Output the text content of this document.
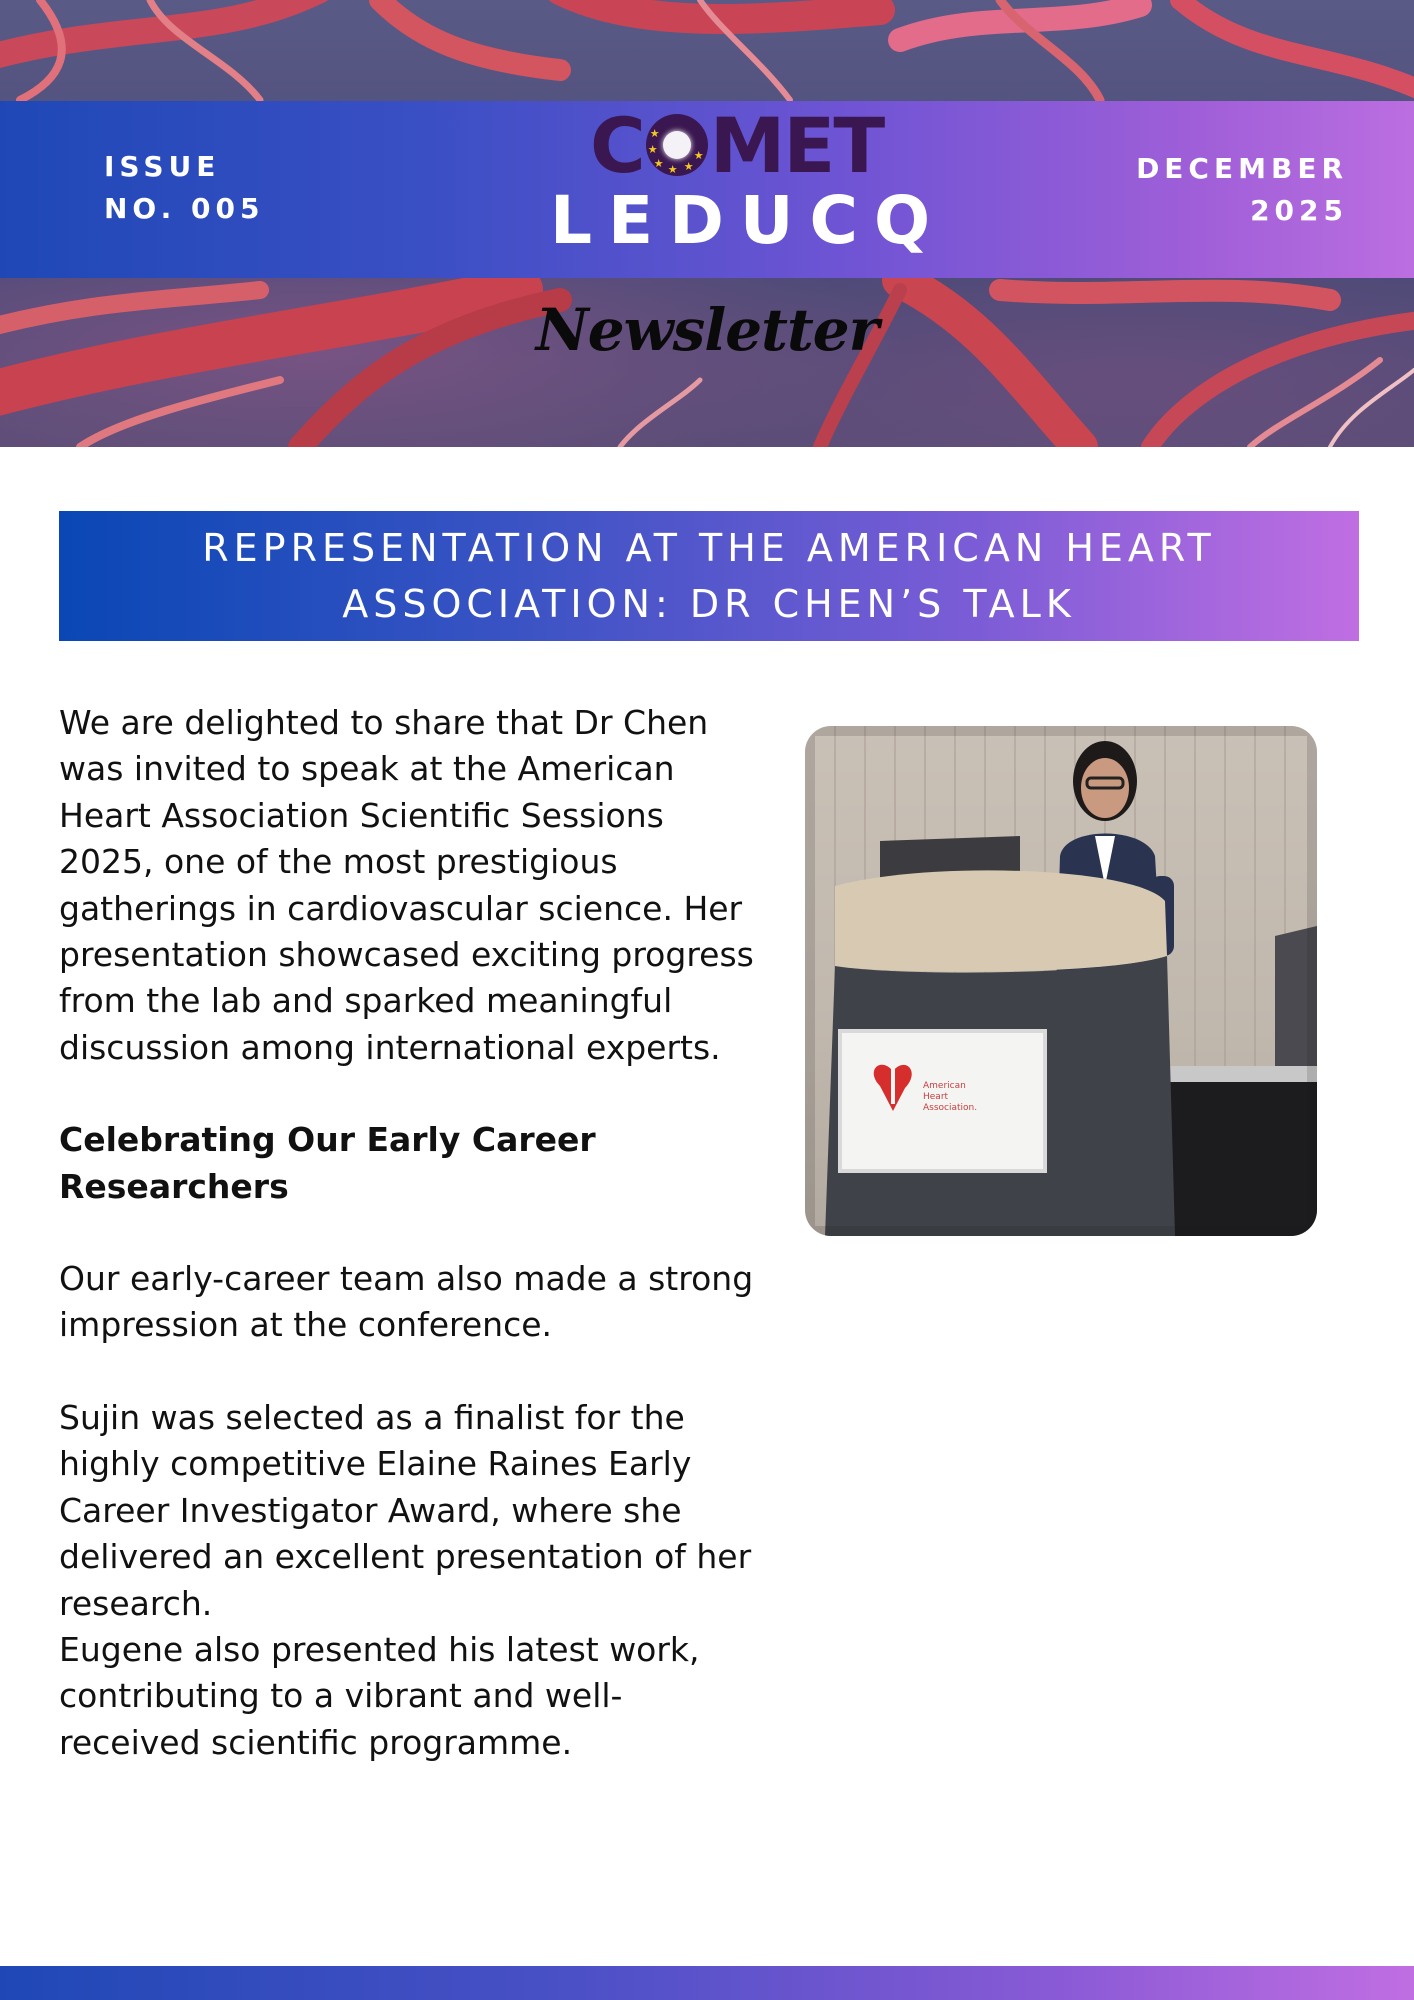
ISSUE
NO. 005
C ★
★
★ ★ ★
★ MET
LEDUCQ
DECEMBER
2025
Newsletter
REPRESENTATION AT THE AMERICAN HEART ASSOCIATION: DR CHEN’S TALK

We are delighted to share that Dr Chen was invited to speak at the American Heart Association Scientific Sessions 2025, one of the most prestigious gatherings in cardiovascular science. Her presentation showcased exciting progress from the lab and sparked meaningful discussion among international experts.

Celebrating Our Early Career Researchers

Our early-career team also made a strong impression at the conference.

Sujin was selected as a finalist for the highly competitive Elaine Raines Early Career Investigator Award, where she delivered an excellent presentation of her research.

Eugene also presented his latest work, contributing to a vibrant and well-received scientific programme.

American
Heart
Association.
